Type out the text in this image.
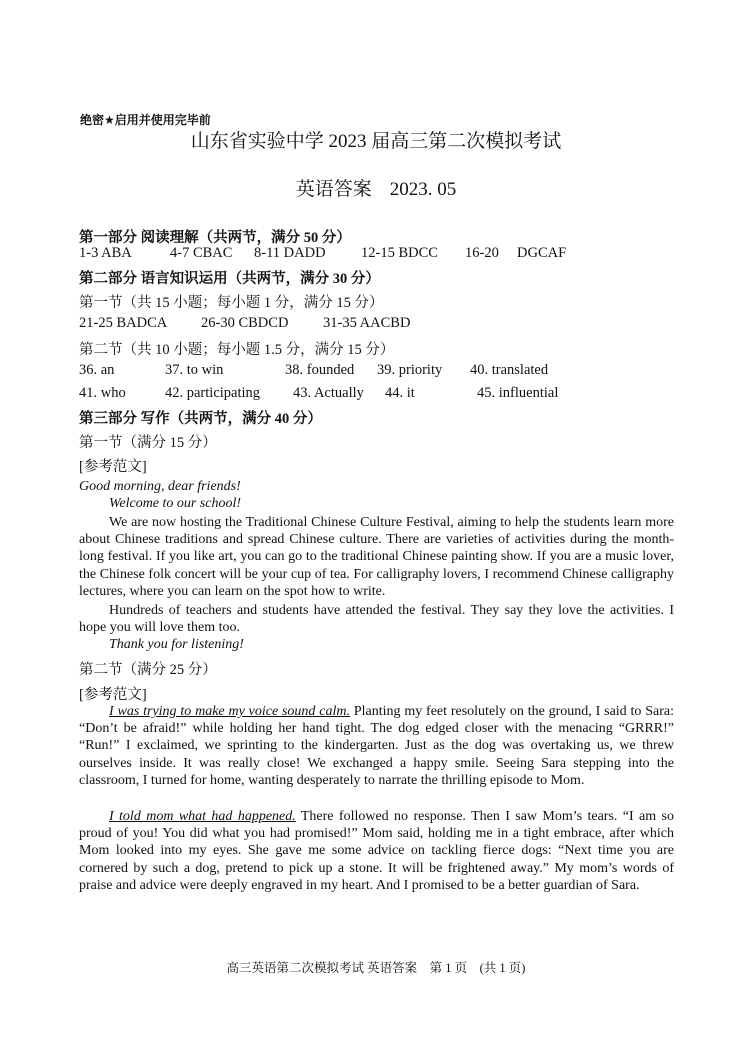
绝密★启用并使用完毕前
山东省实验中学 2023 届高三第二次模拟考试
英语答案 2023. 05
第一部分 阅读理解（共两节，满分 50 分）
1-3 ABA	4-7 CBAC 8-11 DADD 12-15 BDCC 16-20 DGCAF
第二部分 语言知识运用（共两节，满分 30 分）
第一节（共 15 小题；每小题 1 分，满分 15 分）
21-25 BADCA 26-30 CBDCD 31-35 AACBD
第二节（共 10 小题；每小题 1.5 分，满分 15 分）
36. an	37. to win	38. founded 39. priority 40. translated
41. who	42. participating 43. Actually 44. it	45. influential
第三部分 写作（共两节，满分 40 分）
第一节（满分 15 分）
[参考范文]
Good morning, dear friends!
Welcome to our school!

We are now hosting the Traditional Chinese Culture Festival, aiming to help the students learn more about Chinese traditions and spread Chinese culture. There are varieties of activities during the month-long festival. If you like art, you can go to the traditional Chinese painting show. If you are a music lover, the Chinese folk concert will be your cup of tea. For calligraphy lovers, I recommend Chinese calligraphy lectures, where you can learn on the spot how to write.

Hundreds of teachers and students have attended the festival. They say they love the activities. I hope you will love them too.

Thank you for listening!
第二节（满分 25 分）
[参考范文]

I was trying to make my voice sound calm. Planting my feet resolutely on the ground, I said to Sara: “Don’t be afraid!” while holding her hand tight. The dog edged closer with the menacing “GRRR!” “Run!” I exclaimed, we sprinting to the kindergarten. Just as the dog was overtaking us, we threw ourselves inside. It was really close! We exchanged a happy smile. Seeing Sara stepping into the classroom, I turned for home, wanting desperately to narrate the thrilling episode to Mom.

I told mom what had happened. There followed no response. Then I saw Mom’s tears. “I am so proud of you! You did what you had promised!” Mom said, holding me in a tight embrace, after which Mom looked into my eyes. She gave me some advice on tackling fierce dogs: “Next time you are cornered by such a dog, pretend to pick up a stone. It will be frightened away.” My mom’s words of praise and advice were deeply engraved in my heart. And I promised to be a better guardian of Sara.

高三英语第二次模拟考试 英语答案　第 1 页　(共 1 页)
